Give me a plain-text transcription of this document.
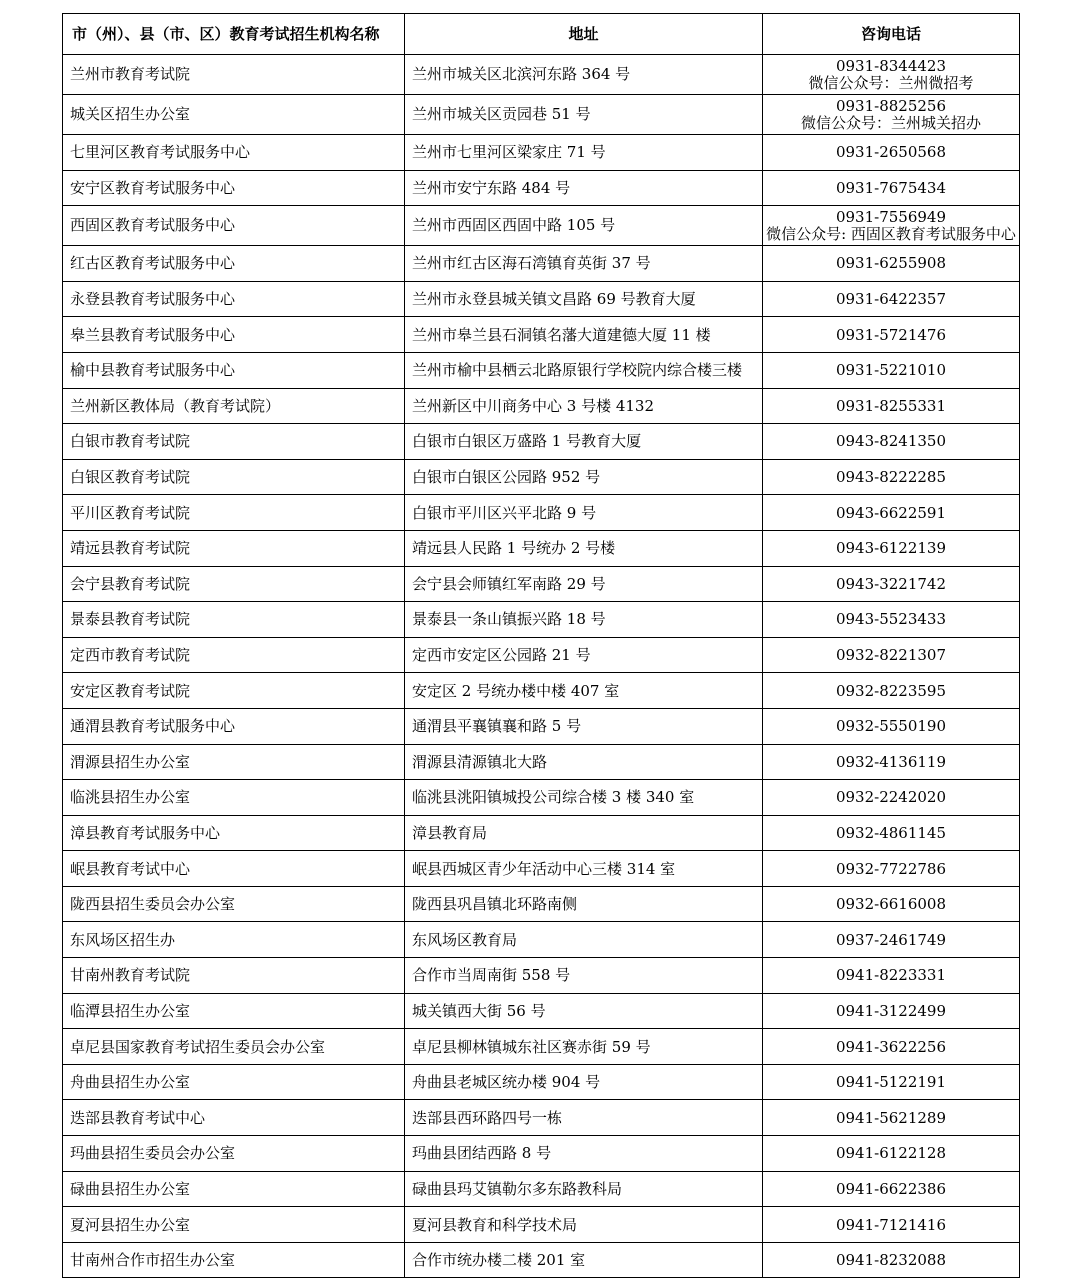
市（州）、县（市、区）教育考试招生机构名称	地址	咨询电话
兰州市教育考试院	兰州市城关区北滨河东路 364 号	0931-8344423
微信公众号：兰州微招考

城关区招生办公室	兰州市城关区贡园巷 51 号	0931-8825256
微信公众号：兰州城关招办

七里河区教育考试服务中心	兰州市七里河区梁家庄 71 号	0931-2650568

安宁区教育考试服务中心	兰州市安宁东路 484 号	0931-7675434

西固区教育考试服务中心	兰州市西固区西固中路 105 号	0931-7556949
微信公众号: 西固区教育考试服务中心

红古区教育考试服务中心	兰州市红古区海石湾镇育英街 37 号	0931-6255908

永登县教育考试服务中心	兰州市永登县城关镇文昌路 69 号教育大厦	0931-6422357

皋兰县教育考试服务中心	兰州市皋兰县石洞镇名藩大道建德大厦 11 楼	0931-5721476

榆中县教育考试服务中心	兰州市榆中县栖云北路原银行学校院内综合楼三楼	0931-5221010

兰州新区教体局（教育考试院）	兰州新区中川商务中心 3 号楼 4132	0931-8255331

白银市教育考试院	白银市白银区万盛路 1 号教育大厦	0943-8241350

白银区教育考试院	白银市白银区公园路 952 号	0943-8222285

平川区教育考试院	白银市平川区兴平北路 9 号	0943-6622591

靖远县教育考试院	靖远县人民路 1 号统办 2 号楼	0943-6122139

会宁县教育考试院	会宁县会师镇红军南路 29 号	0943-3221742

景泰县教育考试院	景泰县一条山镇振兴路 18 号	0943-5523433

定西市教育考试院	定西市安定区公园路 21 号	0932-8221307

安定区教育考试院	安定区 2 号统办楼中楼 407 室	0932-8223595

通渭县教育考试服务中心	通渭县平襄镇襄和路 5 号	0932-5550190

渭源县招生办公室	渭源县清源镇北大路	0932-4136119

临洮县招生办公室	临洮县洮阳镇城投公司综合楼 3 楼 340 室	0932-2242020

漳县教育考试服务中心	漳县教育局	0932-4861145

岷县教育考试中心	岷县西城区青少年活动中心三楼 314 室	0932-7722786

陇西县招生委员会办公室	陇西县巩昌镇北环路南侧	0932-6616008

东风场区招生办	东风场区教育局	0937-2461749

甘南州教育考试院	合作市当周南街 558 号	0941-8223331

临潭县招生办公室	城关镇西大街 56 号	0941-3122499

卓尼县国家教育考试招生委员会办公室	卓尼县柳林镇城东社区赛赤街 59 号	0941-3622256

舟曲县招生办公室	舟曲县老城区统办楼 904 号	0941-5122191

迭部县教育考试中心	迭部县西环路四号一栋	0941-5621289

玛曲县招生委员会办公室	玛曲县团结西路 8 号	0941-6122128

碌曲县招生办公室	碌曲县玛艾镇勒尔多东路教科局	0941-6622386

夏河县招生办公室	夏河县教育和科学技术局	0941-7121416

甘南州合作市招生办公室	合作市统办楼二楼 201 室	0941-8232088
